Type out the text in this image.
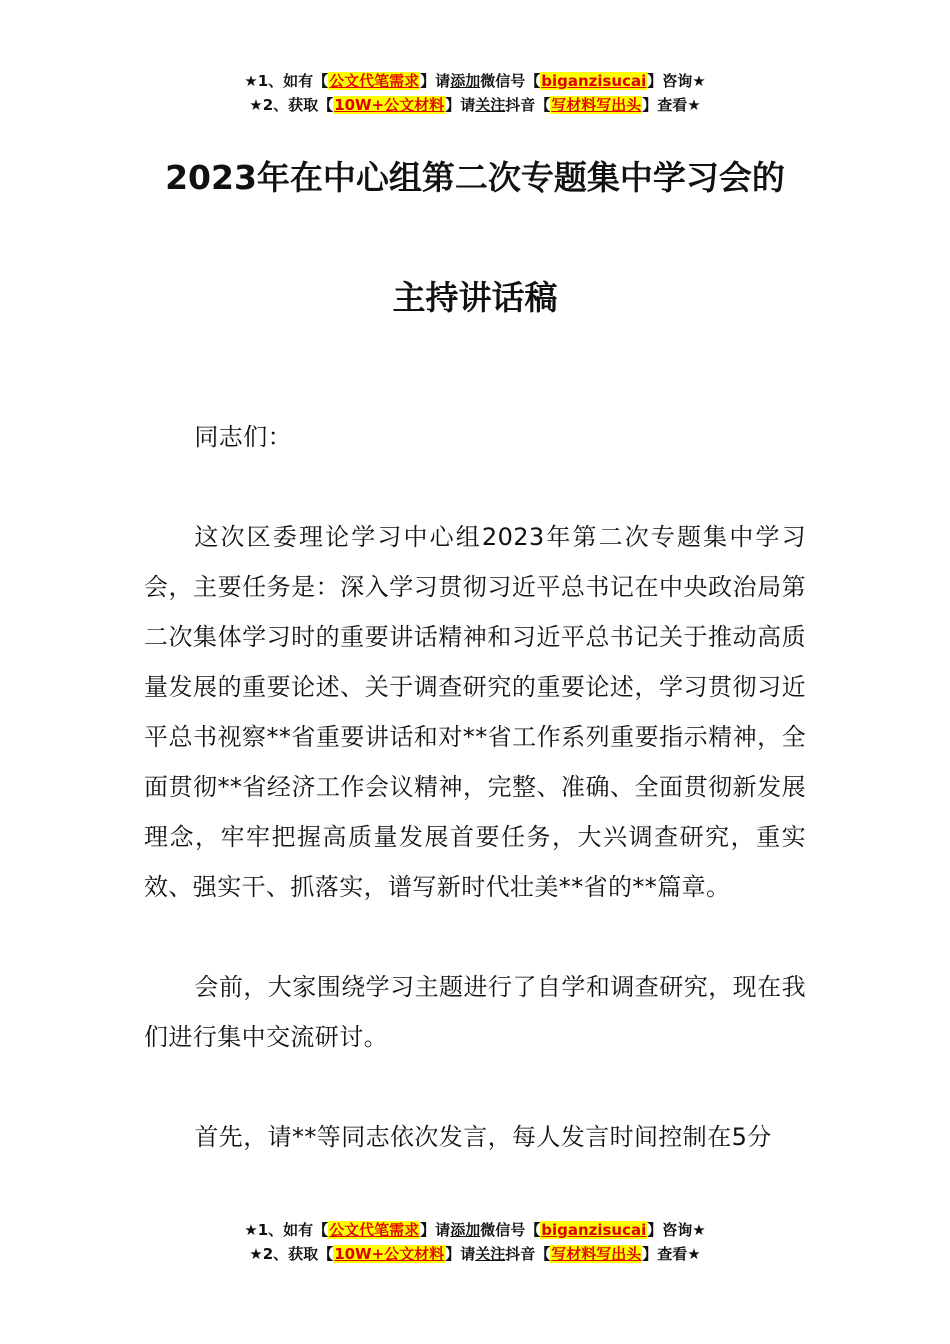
★1、如有【公文代笔需求】请添加微信号【biganzisucai】咨询★
★2、获取【10W+公文材料】请关注抖音【写材料写出头】查看★
2023年在中心组第二次专题集中学习会的
主持讲话稿

同志们：

这次区委理论学习中心组2023年第二次专题集中学习会，主要任务是：深入学习贯彻习近平总书记在中央政治局第二次集体学习时的重要讲话精神和习近平总书记关于推动高质量发展的重要论述、关于调查研究的重要论述，学习贯彻习近平总书视察**省重要讲话和对**省工作系列重要指示精神，全面贯彻**省经济工作会议精神，完整、准确、全面贯彻新发展理念，牢牢把握高质量发展首要任务，大兴调查研究，重实效、强实干、抓落实，谱写新时代壮美**省的**篇章。

会前，大家围绕学习主题进行了自学和调查研究，现在我们进行集中交流研讨。

首先，请**等同志依次发言，每人发言时间控制在5分

★1、如有【公文代笔需求】请添加微信号【biganzisucai】咨询★
★2、获取【10W+公文材料】请关注抖音【写材料写出头】查看★
